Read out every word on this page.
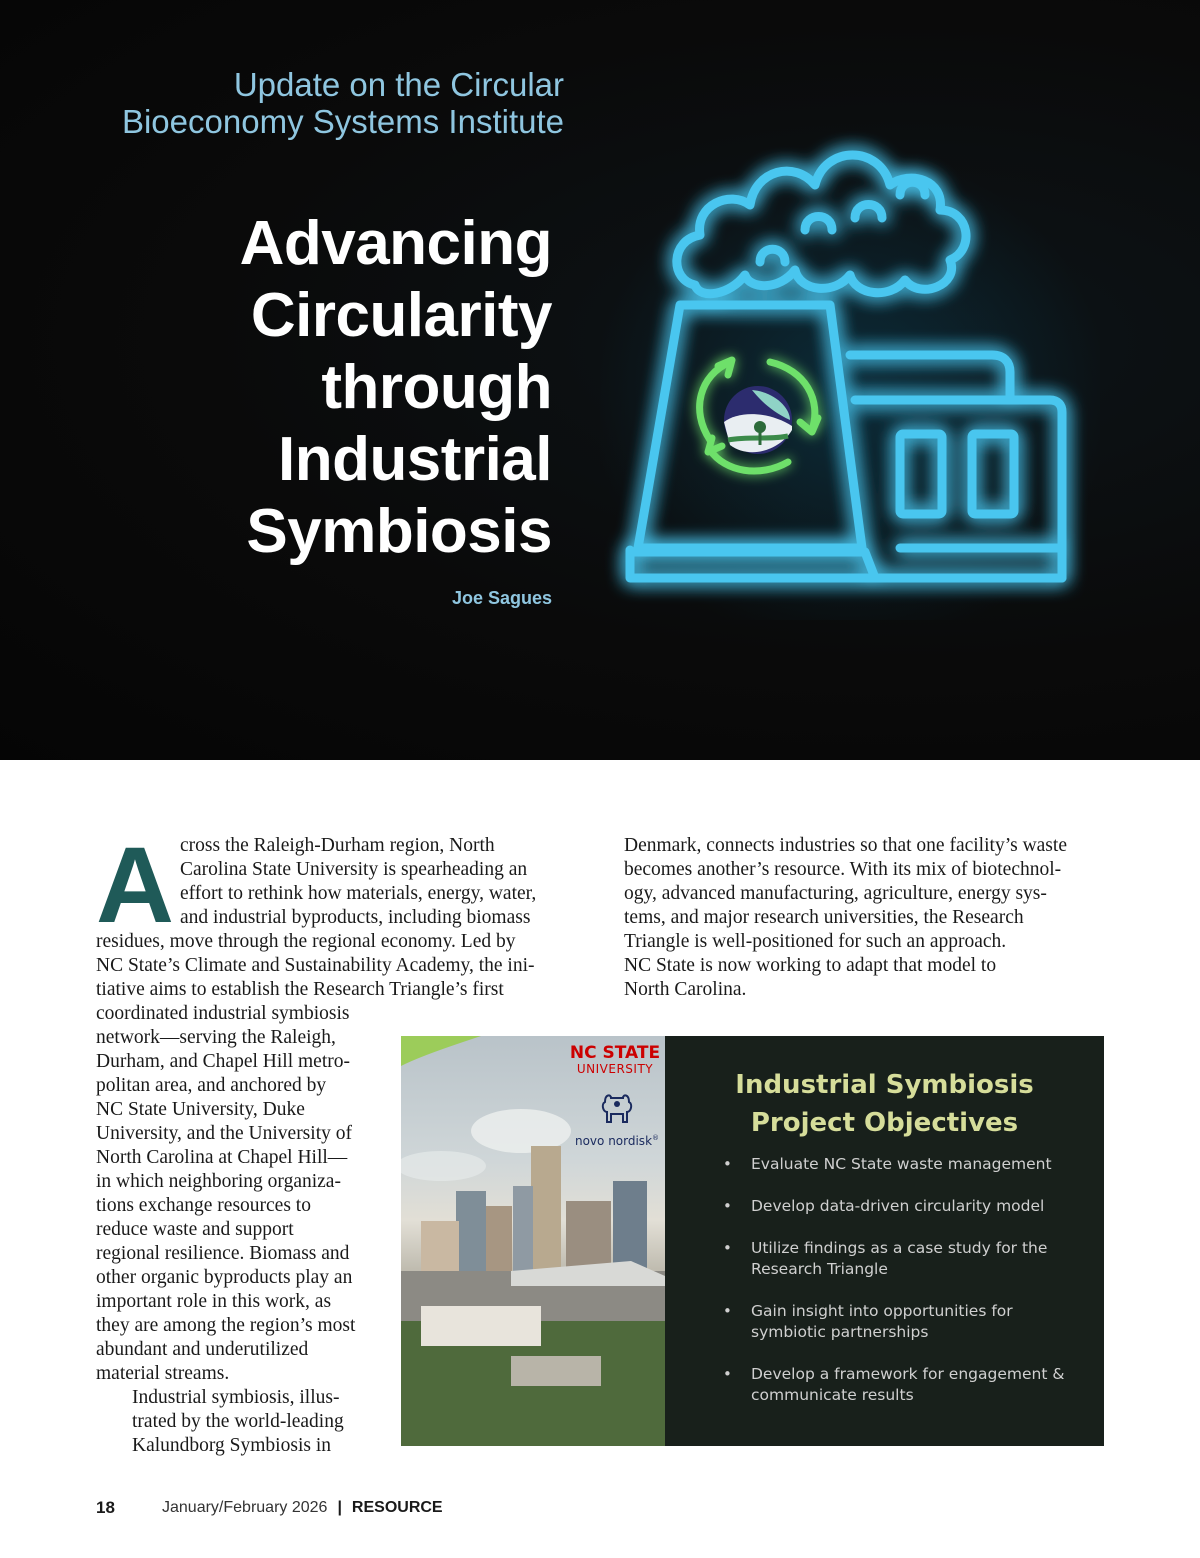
Update on the Circular
Bioeconomy Systems Institute
Advancing
Circularity
through
Industrial
Symbiosis

Joe Sagues

A cross the Raleigh-Durham region, North
Carolina State University is spearheading an
effort to rethink how materials, energy, water,
and industrial byproducts, including biomass
residues, move through the regional economy. Led by
NC State’s Climate and Sustainability Academy, the ini-
tiative aims to establish the Research Triangle’s first

coordinated industrial symbiosis
network—serving the Raleigh,
Durham, and Chapel Hill metro-
politan area, and anchored by
NC State University, Duke
University, and the University of
North Carolina at Chapel Hill—
in which neighboring organiza-
tions exchange resources to
reduce waste and support
regional resilience. Biomass and
other organic byproducts play an
important role in this work, as
they are among the region’s most
abundant and underutilized
material streams.

Industrial symbiosis, illus-
trated by the world-leading
Kalundborg Symbiosis in

Denmark, connects industries so that one facility’s waste
becomes another’s resource. With its mix of biotechnol-
ogy, advanced manufacturing, agriculture, energy sys-
tems, and major research universities, the Research
Triangle is well-positioned for such an approach.
NC State is now working to adapt that model to
North Carolina.

NC STATE
UNIVERSITY
novo nordisk®
Industrial Symbiosis
Project Objectives
• Evaluate NC State waste management
• Develop data-driven circularity model
• Utilize findings as a case study for the
Research Triangle
• Gain insight into opportunities for
symbiotic partnerships
• Develop a framework for engagement &
communicate results
18	January/February 2026 | RESOURCE
